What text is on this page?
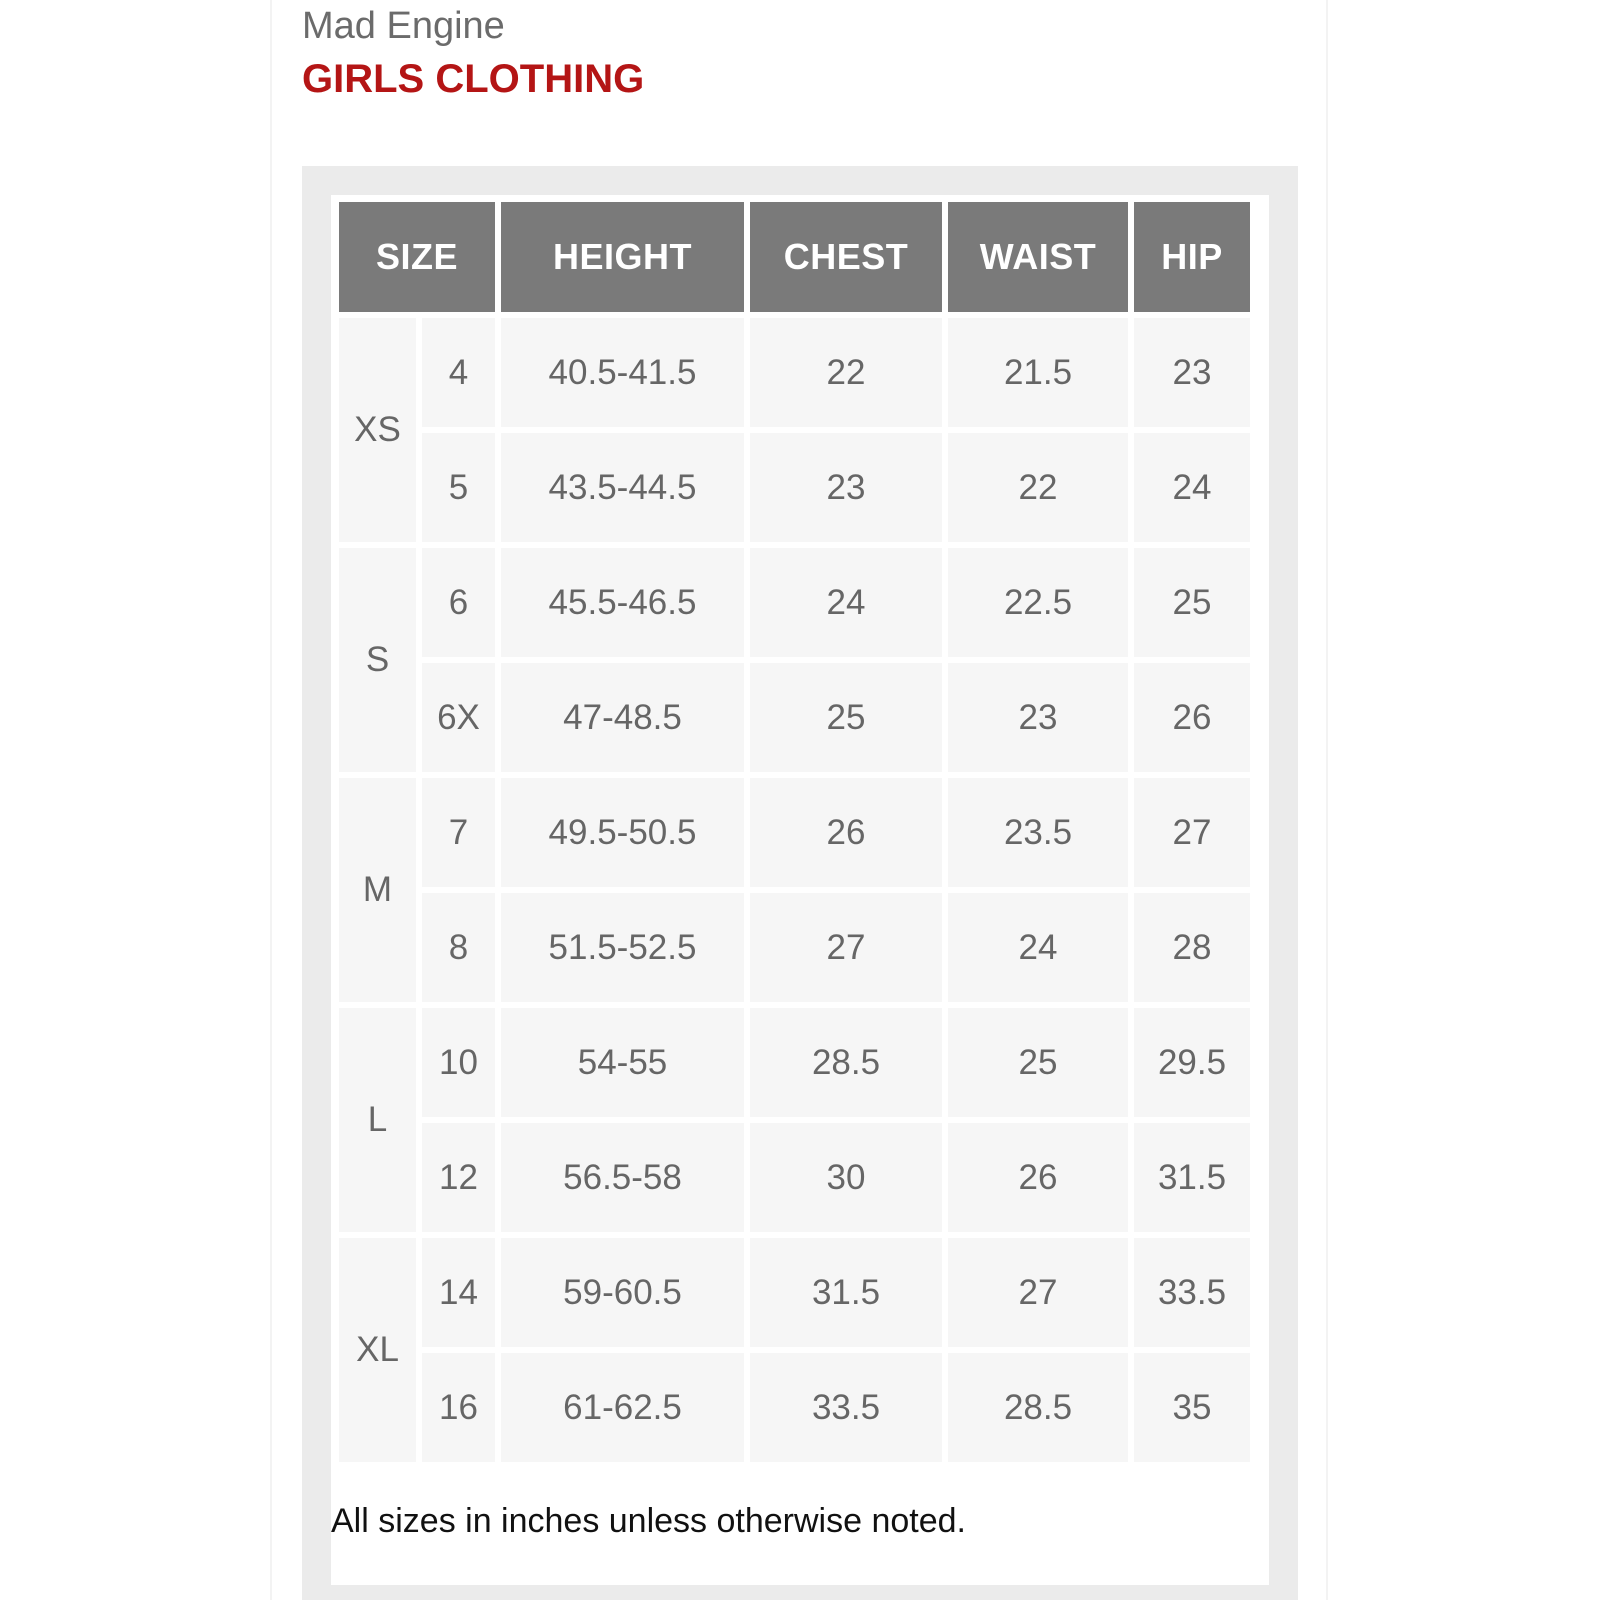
Mad Engine
GIRLS CLOTHING
SIZE		HEIGHT	CHEST	WAIST	HIP
XS	4	40.5-41.5	22	21.5	23
	5	43.5-44.5	23	22	24
S	6	45.5-46.5	24	22.5	25
	6X	47-48.5	25	23	26
M	7	49.5-50.5	26	23.5	27
	8	51.5-52.5	27	24	28
L	10	54-55	28.5	25	29.5
	12	56.5-58	30	26	31.5
XL	14	59-60.5	31.5	27	33.5
	16	61-62.5	33.5	28.5	35
All sizes in inches unless otherwise noted.
